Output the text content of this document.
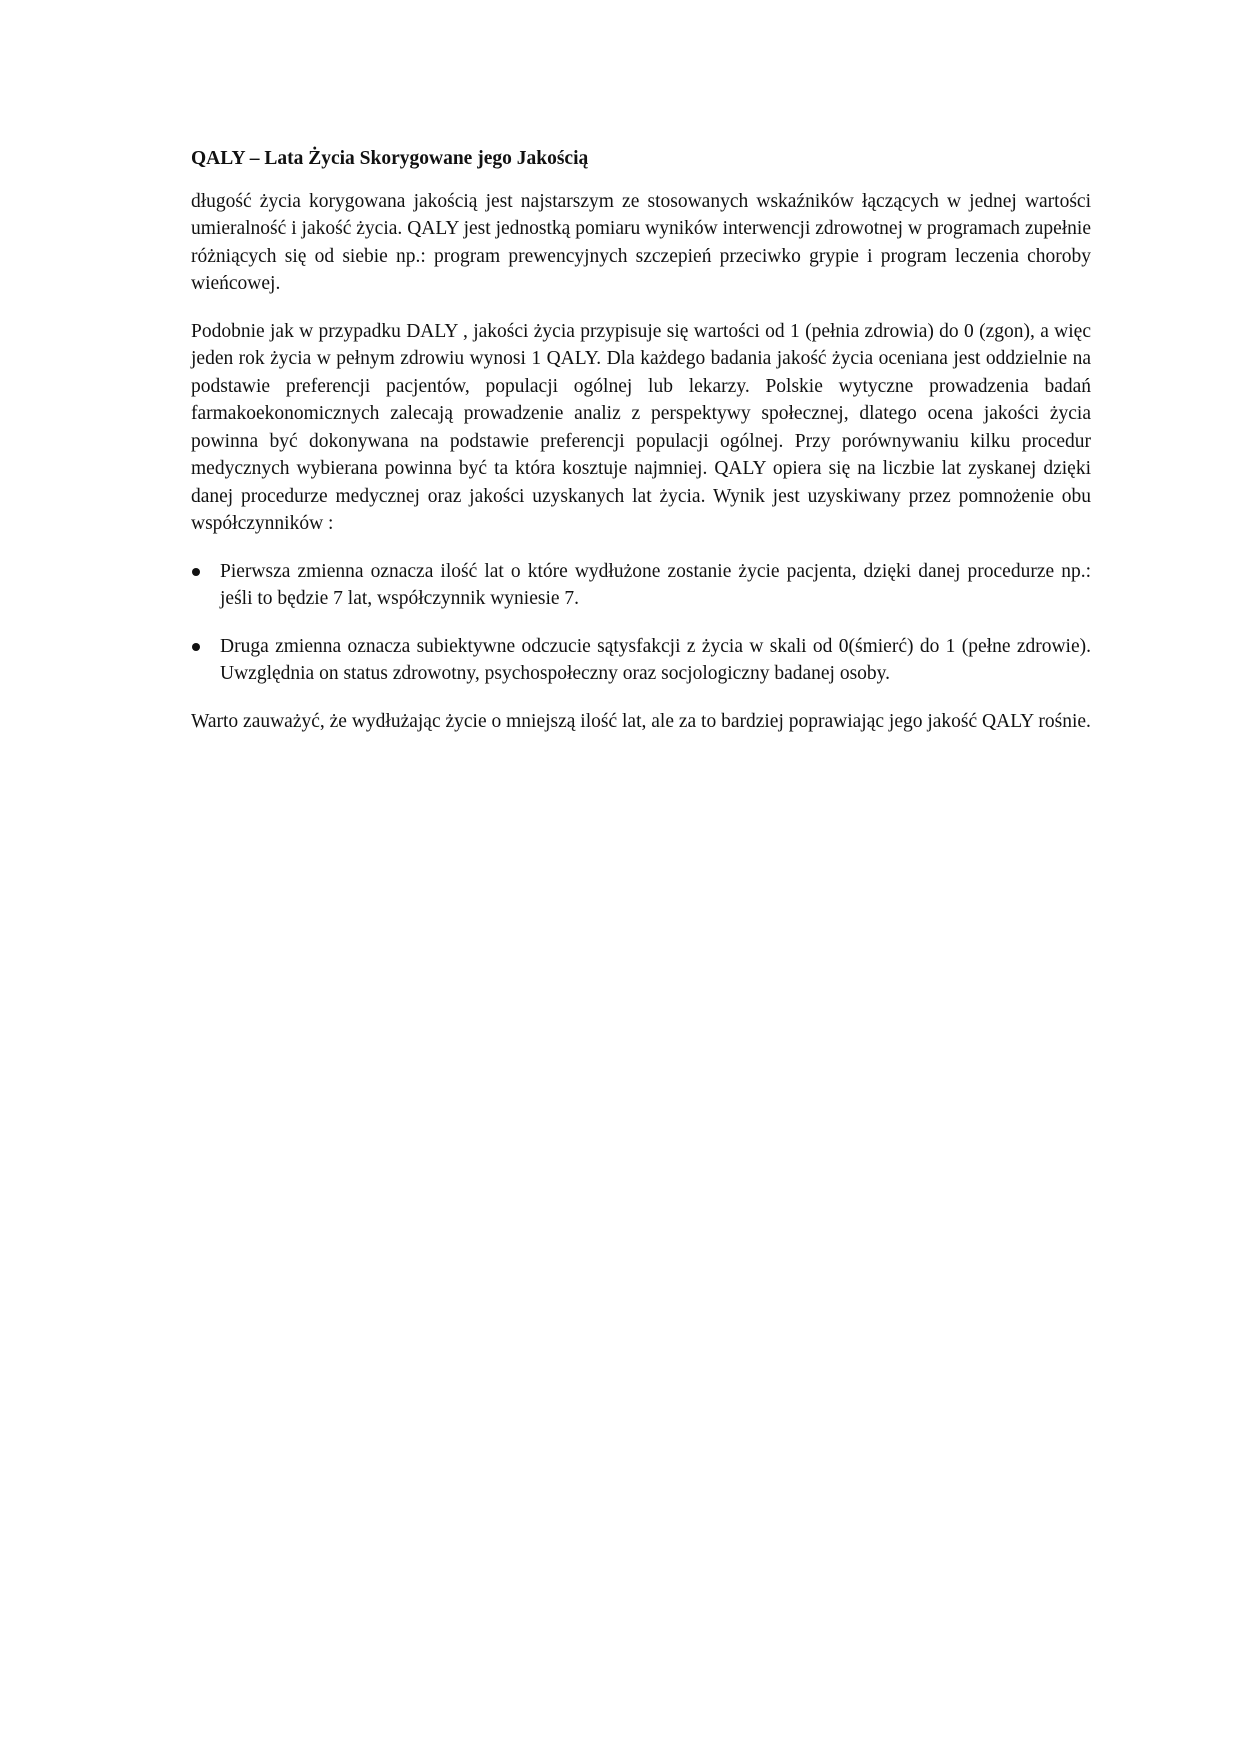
QALY – Lata Życia Skorygowane jego Jakością

długość życia korygowana jakością jest najstarszym ze stosowanych wskaźników łączących w jednej wartości umieralność i jakość życia. QALY jest jednostką pomiaru wyników interwencji zdrowotnej w programach zupełnie różniących się od siebie np.: program prewencyjnych szczepień przeciwko grypie i program leczenia choroby wieńcowej.

Podobnie jak w przypadku DALY , jakości życia przypisuje się wartości od 1 (pełnia zdrowia) do 0 (zgon), a więc jeden rok życia w pełnym zdrowiu wynosi 1 QALY. Dla każdego badania jakość życia oceniana jest oddzielnie na podstawie preferencji pacjentów, populacji ogólnej lub lekarzy. Polskie wytyczne prowadzenia badań farmakoekonomicznych zalecają prowadzenie analiz z perspektywy społecznej, dlatego ocena jakości życia powinna być dokonywana na podstawie preferencji populacji ogólnej. Przy porównywaniu kilku procedur medycznych wybierana powinna być ta która kosztuje najmniej. QALY opiera się na liczbie lat zyskanej dzięki danej procedurze medycznej oraz jakości uzyskanych lat życia. Wynik jest uzyskiwany przez pomnożenie obu współczynników :

Pierwsza zmienna oznacza ilość lat o które wydłużone zostanie życie pacjenta, dzięki danej procedurze np.: jeśli to będzie 7 lat, współczynnik wyniesie 7.
Druga zmienna oznacza subiektywne odczucie sątysfakcji z życia w skali od 0(śmierć) do 1 (pełne zdrowie). Uwzględnia on status zdrowotny, psychospołeczny oraz socjologiczny badanej osoby.

Warto zauważyć, że wydłużając życie o mniejszą ilość lat, ale za to bardziej poprawiając jego jakość QALY rośnie.
